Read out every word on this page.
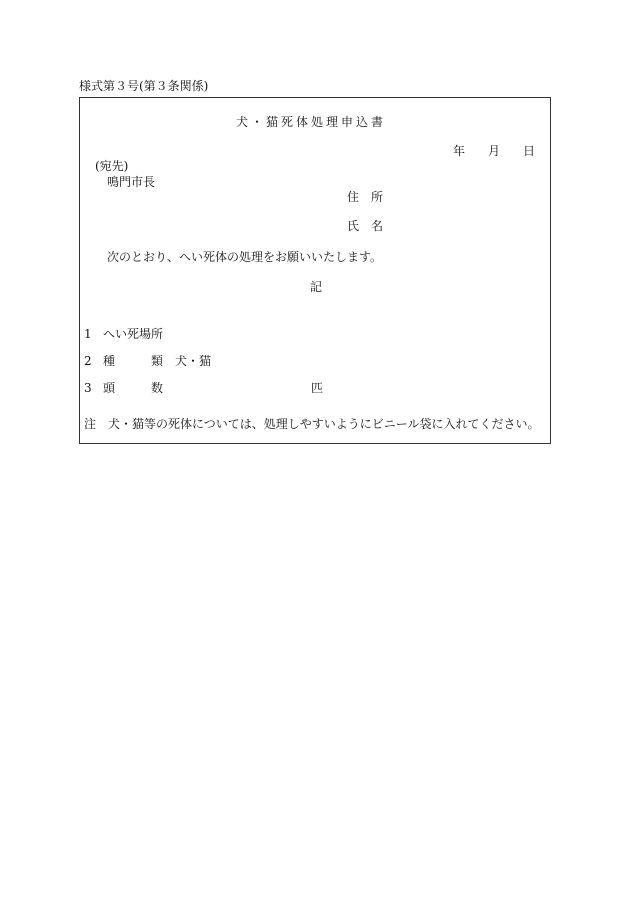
様式第３号(第３条関係)
犬・猫死体処理申込書
年 月 日
(宛先)
鳴門市長
住　所
氏　名
次のとおり、へい死体の処理をお願いいたします。
記
1 へい死場所
2 種　　　類 犬・猫
3 頭　　　数	匹
注　犬・猫等の死体については、処理しやすいようにビニール袋に入れてください。
